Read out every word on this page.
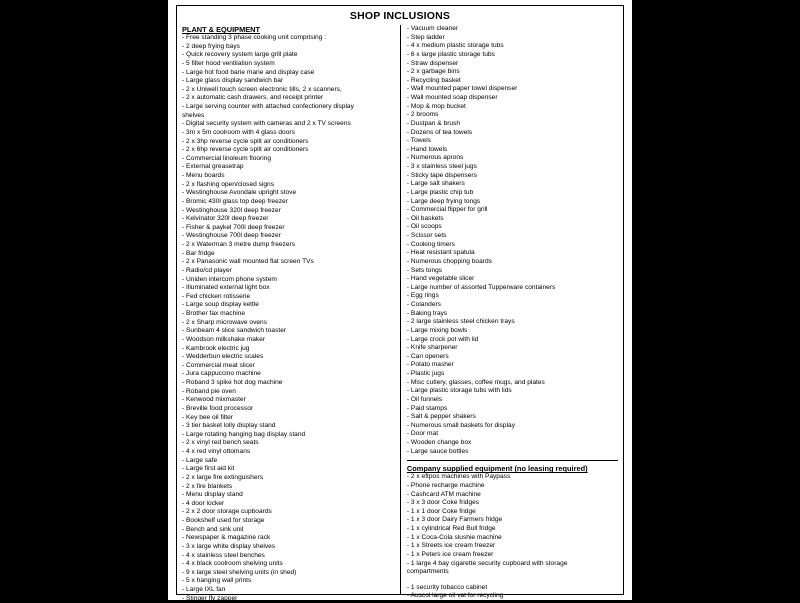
SHOP INCLUSIONS
PLANT & EQUIPMENT
- Free standing 3 phase cooking unit comprising :
- 2 deep frying bays
- Quick recovery system large grill plate
- 5 filter hood ventilation system
- Large hot food barie marie and display case
- Large glass display sandwich bar
- 2 x Uniwell touch screen electronic tills, 2 x scanners,
- 2 x automatic cash drawers, and receipt printer
- Large serving counter with attached confectionery display
shelves
- Digital security system with cameras and 2 x TV screens
- 3m x 5m coolroom with 4 glass doors
- 2 x 3hp reverse cycle split air conditioners
- 2 x 6hp reverse cycle split air conditioners
- Commercial linoleum flooring
- External greasetrap
- Menu boards
- 2 x flashing open/closed signs
- Westinghouse Avondale upright stove
- Bromic 430l glass top deep freezer
- Westinghouse 320l deep freezer
- Kelvinator 320l deep freezer
- Fisher & paykel 700l deep freezer
- Westinghouse 700l deep freezer
- 2 x Waterman 3 metre dump freezers
- Bar fridge
- 2 x Panasonic wall mounted flat screen TVs
- Radio/cd player
- Uniden intercom phone system
- Illuminated external light box
- Fed chicken rotisserie
- Large soup display kettle
- Brother fax machine
- 2 x Sharp microwave ovens
- Sunbeam 4 slice sandwich toaster
- Woodson milkshake maker
- Kambrook electric jug
- Wedderbun electric scales
- Commercial meat slicer
- Jura cappuccino machine
- Roband 3 spike hot dog machine
- Roband pie oven
- Kenwood mixmaster
- Breville food processor
- Key bee oil filter
- 3 tier basket lolly display stand
- Large rotating hanging bag display stand
- 2 x vinyl red bench seats
- 4 x red vinyl ottomans
- Large safe
- Large first aid kit
- 2 x large fire extinguishers
- 2 x fire blankets
- Menu display stand
- 4 door locker
- 2 x 2 door storage cupboards
- Bookshelf used for storage
- Bench and sink unit
- Newspaper & magazine rack
- 3 x large white display shelves
- 4 x stainless steel benches
- 4 x black coolroom shelving units
- 9 x large steel shelving units (in shed)
- 5 x hanging wall prints
- Large IXL fan
- Stinger fly zapper
- Vacuum cleaner
- Step ladder
- 4 x medium plastic storage tubs
- 6 x large plastic storage tubs
- Straw dispenser
- 2 x garbage bins
- Recycling basket
- Wall mounted paper towel dispenser
- Wall mounted soap dispenser
- Mop & mop bucket
- 2 brooms
- Dustpan & brush
- Dozens of tea towels
- Towels
- Hand towels
- Numerous aprons
- 3 x stainless steel jugs
- Sticky tape dispensers
- Large salt shakers
- Large plastic chip tub
- Large deep frying tongs
- Commercial flipper for grill
- Oil baskets
- Oil scoops
- Scissor sets
- Cooking timers
- Heat resistant spatula
- Numerous chopping boards
- Sets tongs
- Hand vegetable slicer
- Large number of assorted Tupperware containers
- Egg rings
- Colanders
- Baking trays
- 2 large stainless steel chicken trays
- Large mixing bowls
- Large crock pot with lid
- Knife sharpener
- Can openers
- Potato masher
- Plastic jugs
- Misc cutlery, glasses, coffee mugs, and plates
- Large plastic storage tubs with lids
- Oil funnels
- Paid stamps
- Salt & pepper shakers
- Numerous small baskets for display
- Door mat
- Wooden change box
- Large sauce bottles
Company supplied equipment (no leasing required)
- 2 x eftpos machines with Paypass
- Phone recharge machine
- Cashcard ATM machine
- 3 x 3 door Coke fridges
- 1 x 1 door Coke fridge
- 1 x 3 door Dairy Farmers fridge
- 1 x cylindrical Red Bull fridge
- 1 x Coca-Cola slushie machine
- 1 x Streets ice cream freezer
- 1 x Peters ice cream freezer
- 1 large 4 bay cigarette security cupboard with storage
compartments
- 1 security tobacco cabinet
- Auscol large oil vat for recycling
